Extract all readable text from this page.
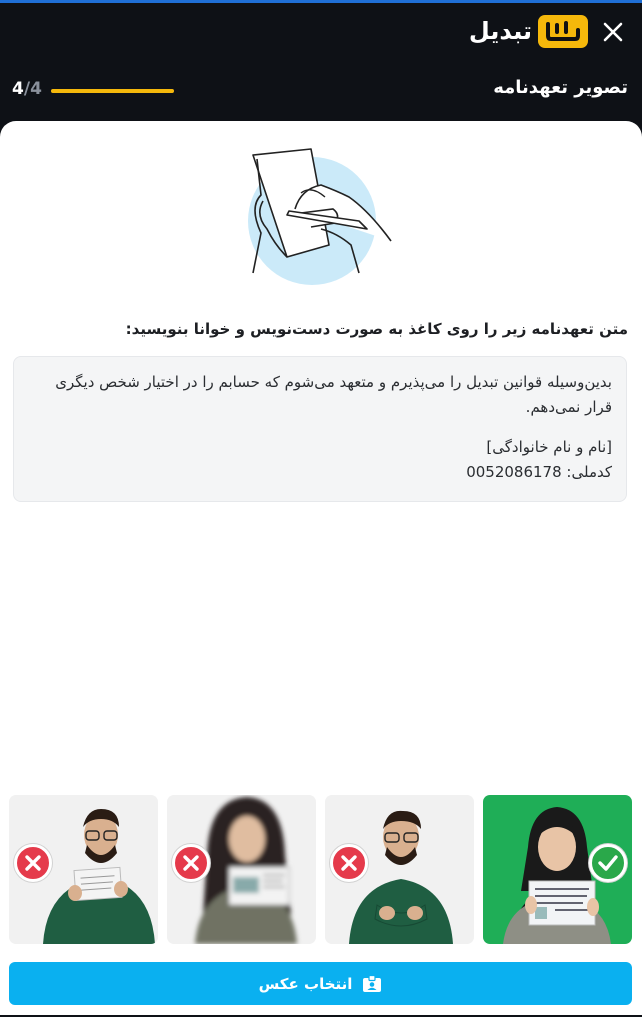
تبدیل
تصویر تعهدنامه
4/4
متن تعهدنامه زیر را روی کاغذ به صورت دست‌نویس و خوانا بنویسید:
بدین‌وسیله قوانین تبدیل را می‌پذیرم و متعهد می‌شوم که حسابم را در اختیار شخص دیگری قرار نمی‌دهم.
[نام و نام خانوادگی]
کدملی: 0052086178
انتخاب عکس
